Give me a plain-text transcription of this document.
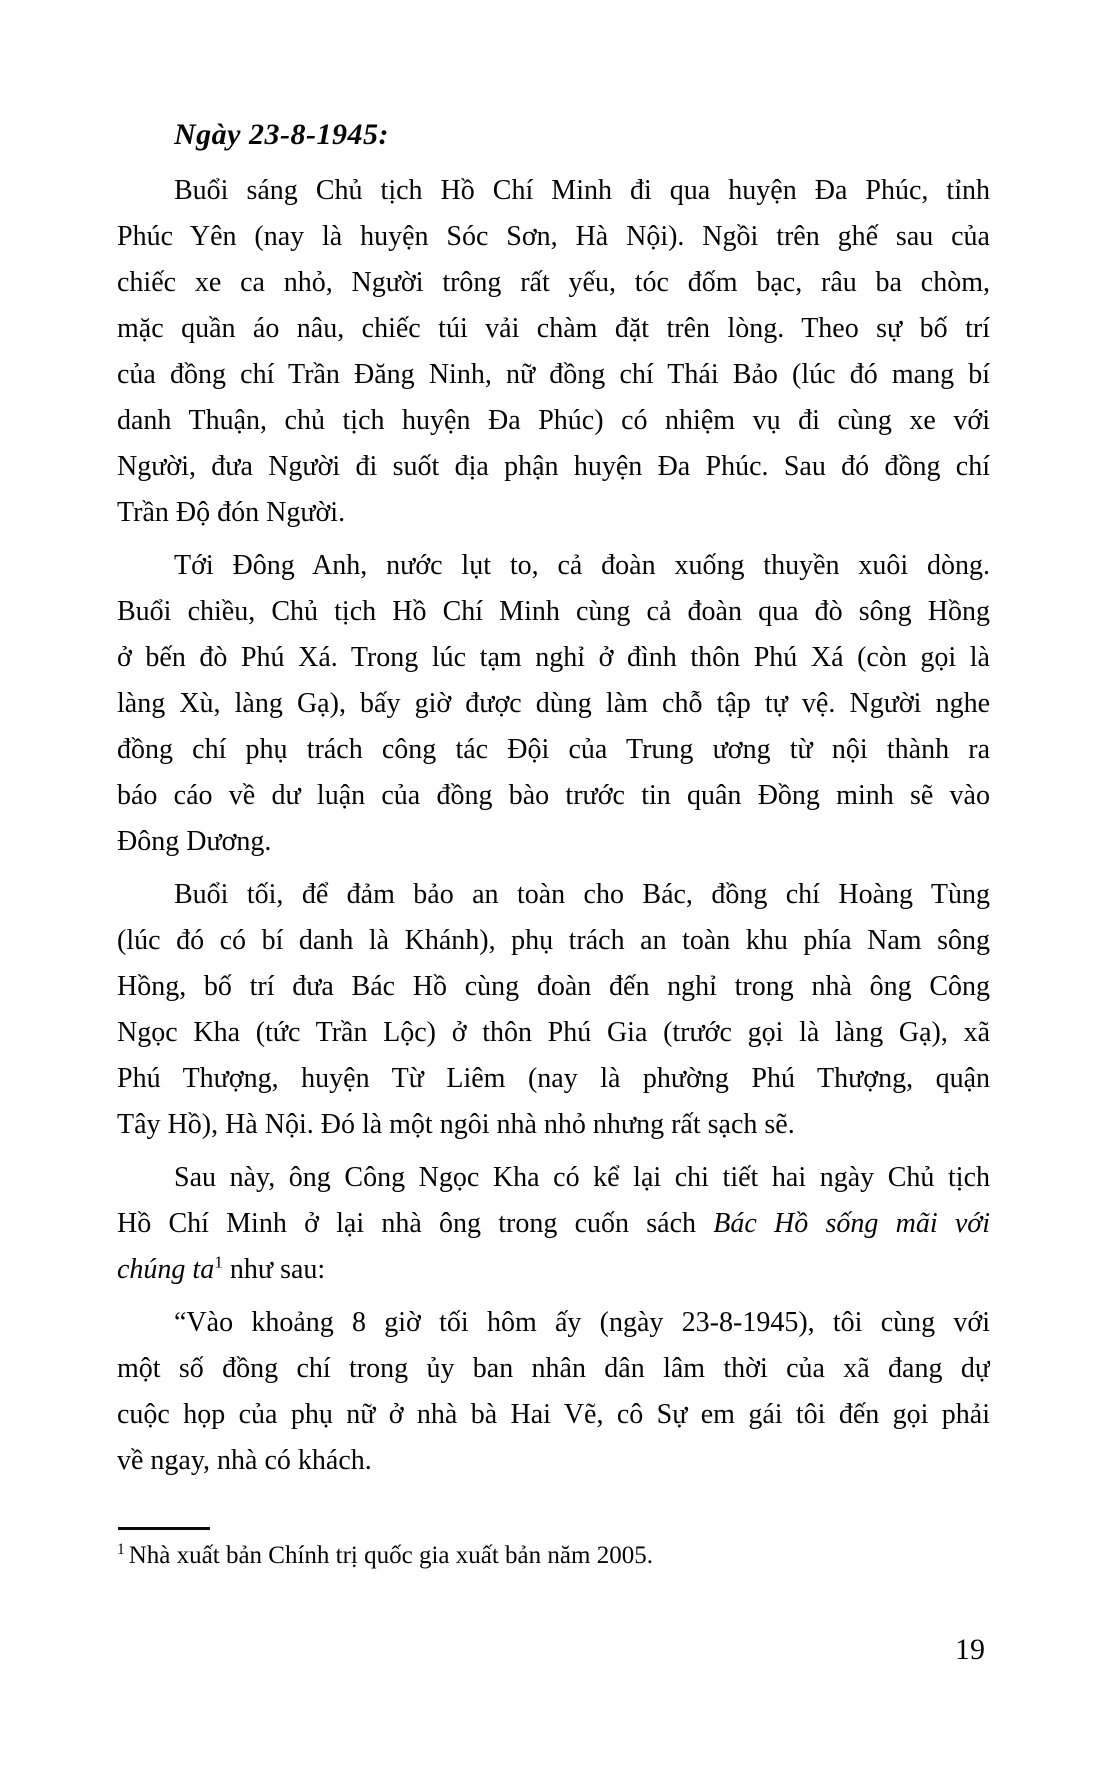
Ngày 23-8-1945:
Buổi sáng Chủ tịch Hồ Chí Minh đi qua huyện Đa Phúc, tỉnh
Phúc Yên (nay là huyện Sóc Sơn, Hà Nội). Ngồi trên ghế sau của
chiếc xe ca nhỏ, Người trông rất yếu, tóc đốm bạc, râu ba chòm,
mặc quần áo nâu, chiếc túi vải chàm đặt trên lòng. Theo sự bố trí
của đồng chí Trần Đăng Ninh, nữ đồng chí Thái Bảo (lúc đó mang bí
danh Thuận, chủ tịch huyện Đa Phúc) có nhiệm vụ đi cùng xe với
Người, đưa Người đi suốt địa phận huyện Đa Phúc. Sau đó đồng chí
Trần Độ đón Người.
Tới Đông Anh, nước lụt to, cả đoàn xuống thuyền xuôi dòng.
Buổi chiều, Chủ tịch Hồ Chí Minh cùng cả đoàn qua đò sông Hồng
ở bến đò Phú Xá. Trong lúc tạm nghỉ ở đình thôn Phú Xá (còn gọi là
làng Xù, làng Gạ), bấy giờ được dùng làm chỗ tập tự vệ. Người nghe
đồng chí phụ trách công tác Đội của Trung ương từ nội thành ra
báo cáo về dư luận của đồng bào trước tin quân Đồng minh sẽ vào
Đông Dương.
Buổi tối, để đảm bảo an toàn cho Bác, đồng chí Hoàng Tùng
(lúc đó có bí danh là Khánh), phụ trách an toàn khu phía Nam sông
Hồng, bố trí đưa Bác Hồ cùng đoàn đến nghỉ trong nhà ông Công
Ngọc Kha (tức Trần Lộc) ở thôn Phú Gia (trước gọi là làng Gạ), xã
Phú Thượng, huyện Từ Liêm (nay là phường Phú Thượng, quận
Tây Hồ), Hà Nội. Đó là một ngôi nhà nhỏ nhưng rất sạch sẽ.
Sau này, ông Công Ngọc Kha có kể lại chi tiết hai ngày Chủ tịch
Hồ Chí Minh ở lại nhà ông trong cuốn sách Bác Hồ sống mãi với
chúng $ta^1$ như sau:
“Vào khoảng 8 giờ tối hôm ấy (ngày 23-8-1945), tôi cùng với
một số đồng chí trong ủy ban nhân dân lâm thời của xã đang dự
cuộc họp của phụ nữ ở nhà bà Hai Vẽ, cô Sự em gái tôi đến gọi phải
về ngay, nhà có khách.
$^1$ Nhà xuất bản Chính trị quốc gia xuất bản năm 2005.
19
